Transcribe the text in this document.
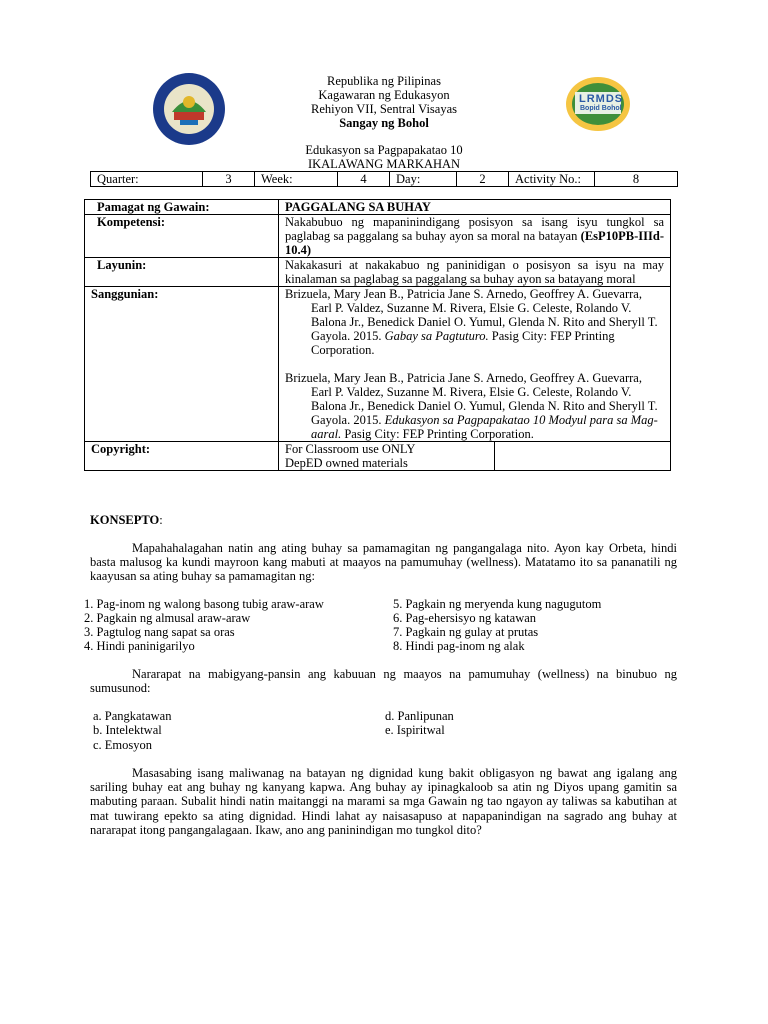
LRMDS
Bopid Bohol
Republika ng Pilipinas
Kagawaran ng Edukasyon
Rehiyon VII, Sentral Visayas
Sangay ng Bohol
Edukasyon sa Pagpapakatao 10
IKALAWANG MARKAHAN
Quarter:	3	Week:	4	Day:	2	Activity No.:	8
Pamagat ng Gawain:	PAGGALANG SA BUHAY	
Kompetensi:	Nakabubuo ng mapaninindigang posisyon sa isang isyu tungkol sa paglabag sa paggalang sa buhay ayon sa moral na batayan (EsP10PB-IIId-10.4)	
Layunin:	Nakakasuri at nakakabuo ng paninidigan o posisyon sa isyu na may kinalaman sa paglabag sa paggalang sa buhay ayon sa batayang moral	
Sanggunian:	Brizuela, Mary Jean B., Patricia Jane S. Arnedo, Geoffrey A. Guevarra, Earl P. Valdez, Suzanne M. Rivera, Elsie G. Celeste, Rolando V. Balona Jr., Benedick Daniel O. Yumul, Glenda N. Rito and Sheryll T. Gayola. 2015. Gabay sa Pagtuturo. Pasig City: FEP Printing Corporation.
Brizuela, Mary Jean B., Patricia Jane S. Arnedo, Geoffrey A. Guevarra, Earl P. Valdez, Suzanne M. Rivera, Elsie G. Celeste, Rolando V. Balona Jr., Benedick Daniel O. Yumul, Glenda N. Rito and Sheryll T. Gayola. 2015. Edukasyon sa Pagpapakatao 10 Modyul para sa Mag-aaral. Pasig City: FEP Printing Corporation.	

Copyright:	For Classroom use ONLY
DepED owned materials	

KONSEPTO:
Mapahahalagahan natin ang ating buhay sa pamamagitan ng pangangalaga nito. Ayon kay Orbeta, hindi basta malusog ka kundi mayroon kang mabuti at maayos na pamumuhay (wellness). Matatamo ito sa pananatili ng kaayusan sa ating buhay sa pamamagitan ng:
1. Pag-inom ng walong basong tubig araw-araw
2. Pagkain ng almusal araw-araw
3. Pagtulog nang sapat sa oras
4. Hindi paninigarilyo
5. Pagkain ng meryenda kung nagugutom
6. Pag-ehersisyo ng katawan
7. Pagkain ng gulay at prutas
8. Hindi pag-inom ng alak
Nararapat na mabigyang-pansin ang kabuuan ng maayos na pamumuhay (wellness) na binubuo ng sumusunod:
a. Pangkatawan
b. Intelektwal
c. Emosyon
d. Panlipunan
e. Ispiritwal
Masasabing isang maliwanag na batayan ng dignidad kung bakit obligasyon ng bawat ang igalang ang sariling buhay eat ang buhay ng kanyang kapwa. Ang buhay ay ipinagkaloob sa atin ng Diyos upang gamitin sa mabuting paraan. Subalit hindi natin maitanggi na marami sa mga Gawain ng tao ngayon ay taliwas sa kabutihan at mat tuwirang epekto sa ating dignidad. Hindi lahat ay naisasapuso at napapanindigan na sagrado ang buhay at nararapat itong pangangalagaan. Ikaw, ano ang paninindigan mo tungkol dito?
